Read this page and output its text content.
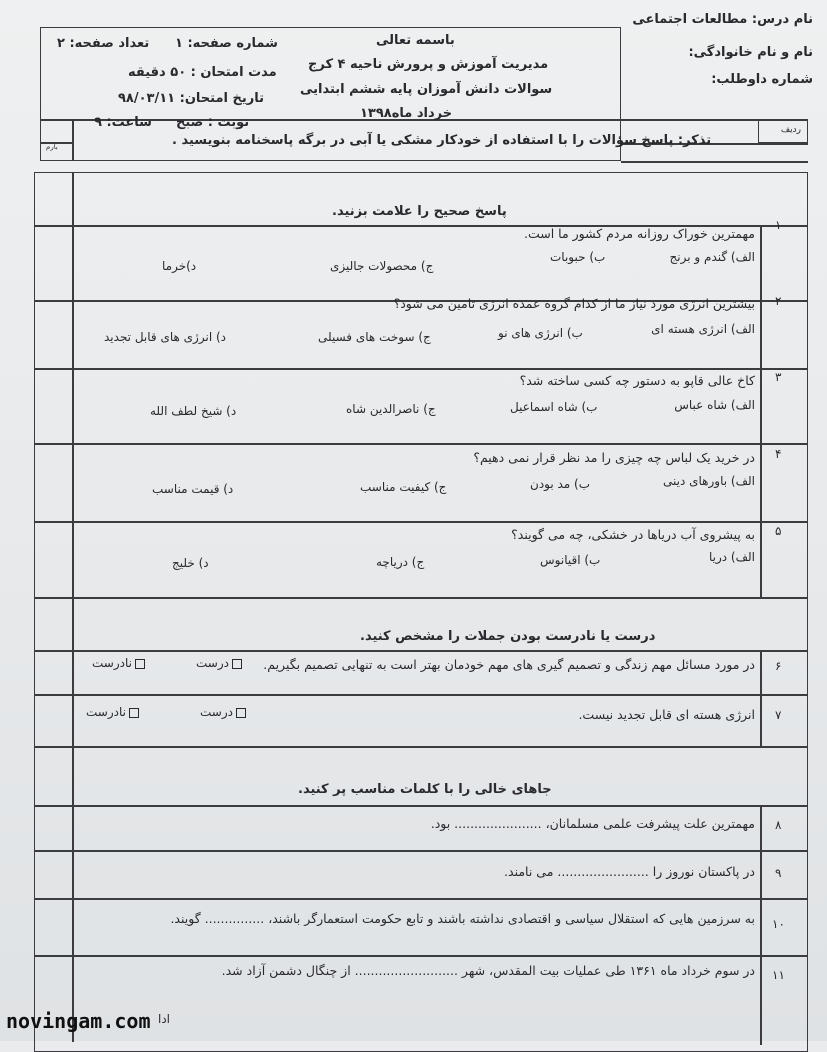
نام درس: مطالعات اجتماعی
نام و نام خانوادگی:
شماره داوطلب:
ردیف
باسمه تعالی
مدیریت آموزش و پرورش ناحیه ۴ کرج
سوالات دانش آموزان پایه ششم ابتدایی
خرداد ماه۱۳۹۸
شماره صفحه: ۱
تعداد صفحه: ۲
مدت امتحان : ۵۰ دقیقه
تاریخ امتحان: ۹۸/۰۳/۱۱
نوبت : صبح
ساعت: ۹
تذکر: پاسخ سؤالات را با استفاده از خودکار مشکی یا آبی در برگه پاسخنامه بنویسید .
بارم
پاسخ صحیح را علامت بزنید.
۱
مهمترین خوراک روزانه مردم کشور ما است.
الف) گندم و برنج
ب) حبوبات
ج) محصولات جالیزی
د)خرما
۲
بیشترین انرژی مورد نیاز ما از کدام گروه عمده انرژی تامین می شود؟
الف) انرژی هسته ای
ب) انرژی های نو
ج) سوخت های فسیلی
د) انرژی های قابل تجدید
۳
کاخ عالی قاپو به دستور چه کسی ساخته شد؟
الف) شاه عباس
ب) شاه اسماعیل
ج) ناصرالدین شاه
د) شیخ لطف الله
۴
در خرید یک لباس چه چیزی را مد نظر قرار نمی دهیم؟
الف) باورهای دینی
ب) مد بودن
ج) کیفیت مناسب
د) قیمت مناسب
۵
به پیشروی آب دریاها در خشکی، چه می گویند؟
الف) دریا
ب) اقیانوس
ج) دریاچه
د) خلیج
درست یا نادرست بودن جملات را مشخص کنید.
۶
در مورد مسائل مهم زندگی و تصمیم گیری های مهم خودمان بهتر است به تنهایی تصمیم بگیریم.
درست
نادرست
۷
انرژی هسته ای قابل تجدید نیست.
درست
نادرست
جاهای خالی را با کلمات مناسب پر کنید.
۸
مهمترین علت پیشرفت علمی مسلمانان، ...................... بود.
۹
در پاکستان نوروز را ....................... می نامند.
۱۰
به سرزمین هایی که استقلال سیاسی و اقتصادی نداشته باشند و تابع حکومت استعمارگر باشند، ............... گویند.
۱۱
در سوم خرداد ماه ۱۳۶۱ طی عملیات بیت المقدس، شهر .......................... از چنگال دشمن آزاد شد.
novingam.com ادا
